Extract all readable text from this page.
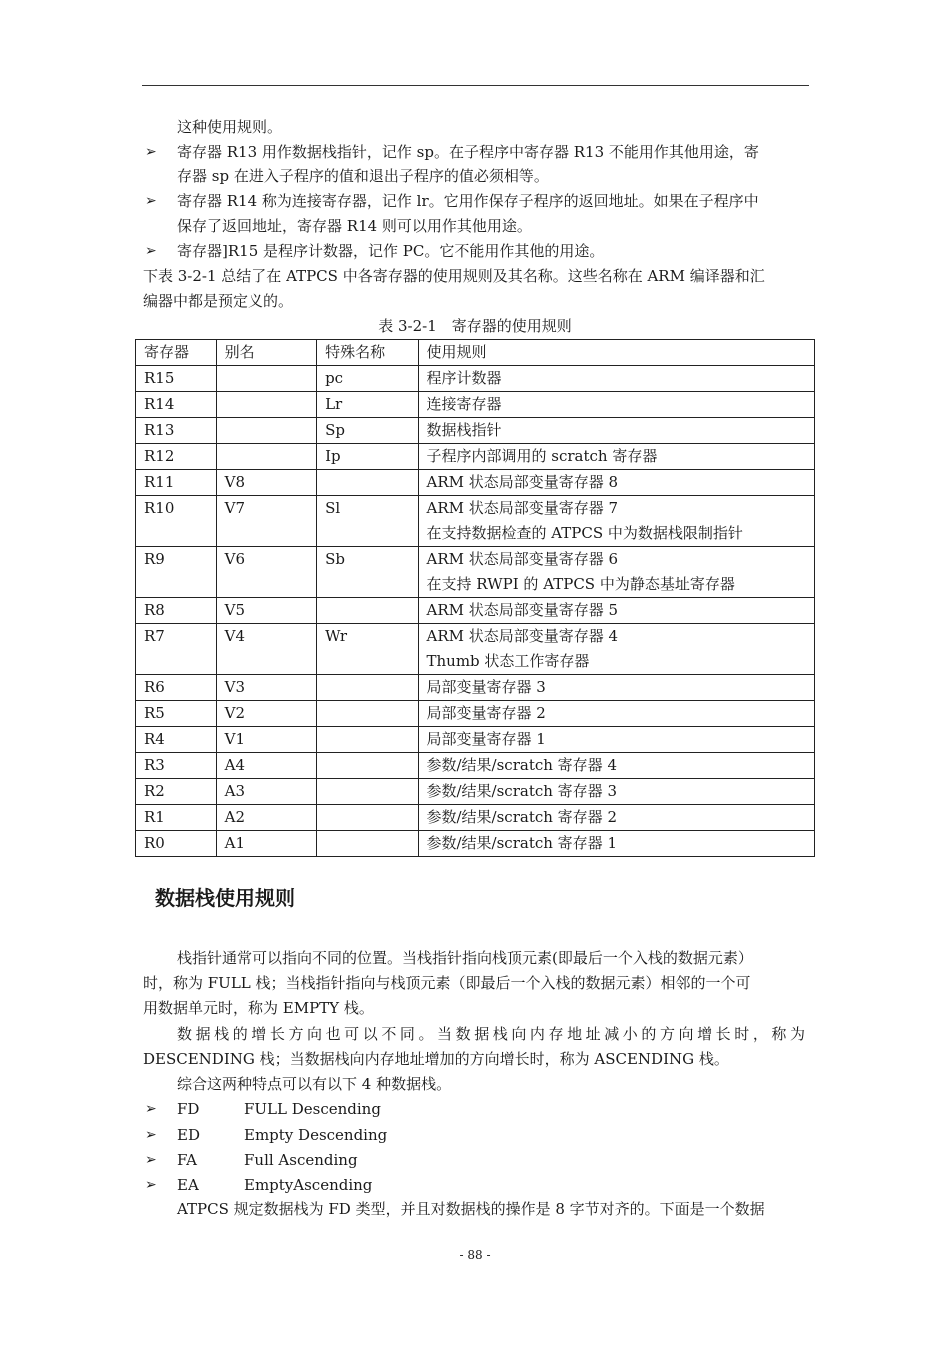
这种使用规则。
➢ 寄存器 R13 用作数据栈指针，记作 sp。在子程序中寄存器 R13 不能用作其他用途，寄
存器 sp 在进入子程序的值和退出子程序的值必须相等。
➢ 寄存器 R14 称为连接寄存器，记作 lr。它用作保存子程序的返回地址。如果在子程序中
保存了返回地址，寄存器 R14 则可以用作其他用途。
➢ 寄存器]R15 是程序计数器，记作 PC。它不能用作其他的用途。
下表 3-2-1 总结了在 ATPCS 中各寄存器的使用规则及其名称。这些名称在 ARM 编译器和汇
编器中都是预定义的。
表 3-2-1　寄存器的使用规则
寄存器	别名	特殊名称	使用规则
R15		pc	程序计数器

R14		Lr	连接寄存器

R13		Sp	数据栈指针

R12		Ip	子程序内部调用的 scratch 寄存器

R11	V8		ARM 状态局部变量寄存器 8

R10	V7	Sl	ARM 状态局部变量寄存器 7
在支持数据检查的 ATPCS 中为数据栈限制指针

R9	V6	Sb	ARM 状态局部变量寄存器 6
在支持 RWPI 的 ATPCS 中为静态基址寄存器

R8	V5		ARM 状态局部变量寄存器 5

R7	V4	Wr	ARM 状态局部变量寄存器 4
Thumb 状态工作寄存器

R6	V3		局部变量寄存器 3

R5	V2		局部变量寄存器 2

R4	V1		局部变量寄存器 1

R3	A4		参数/结果/scratch 寄存器 4

R2	A3		参数/结果/scratch 寄存器 3

R1	A2		参数/结果/scratch 寄存器 2

R0	A1		参数/结果/scratch 寄存器 1
数据栈使用规则
栈指针通常可以指向不同的位置。当栈指针指向栈顶元素(即最后一个入栈的数据元素）
时，称为 FULL 栈；当栈指针指向与栈顶元素（即最后一个入栈的数据元素）相邻的一个可
用数据单元时，称为 EMPTY 栈。
数据栈的增长方向也可以不同。当数据栈向内存地址减小的方向增长时，称为
DESCENDING 栈；当数据栈向内存地址增加的方向增长时，称为 ASCENDING 栈。
综合这两种特点可以有以下 4 种数据栈。
➢ FD	FULL Descending
➢ ED	Empty Descending
➢ FA	Full Ascending
➢ EA	EmptyAscending
ATPCS 规定数据栈为 FD 类型，并且对数据栈的操作是 8 字节对齐的。下面是一个数据
- 88 -
